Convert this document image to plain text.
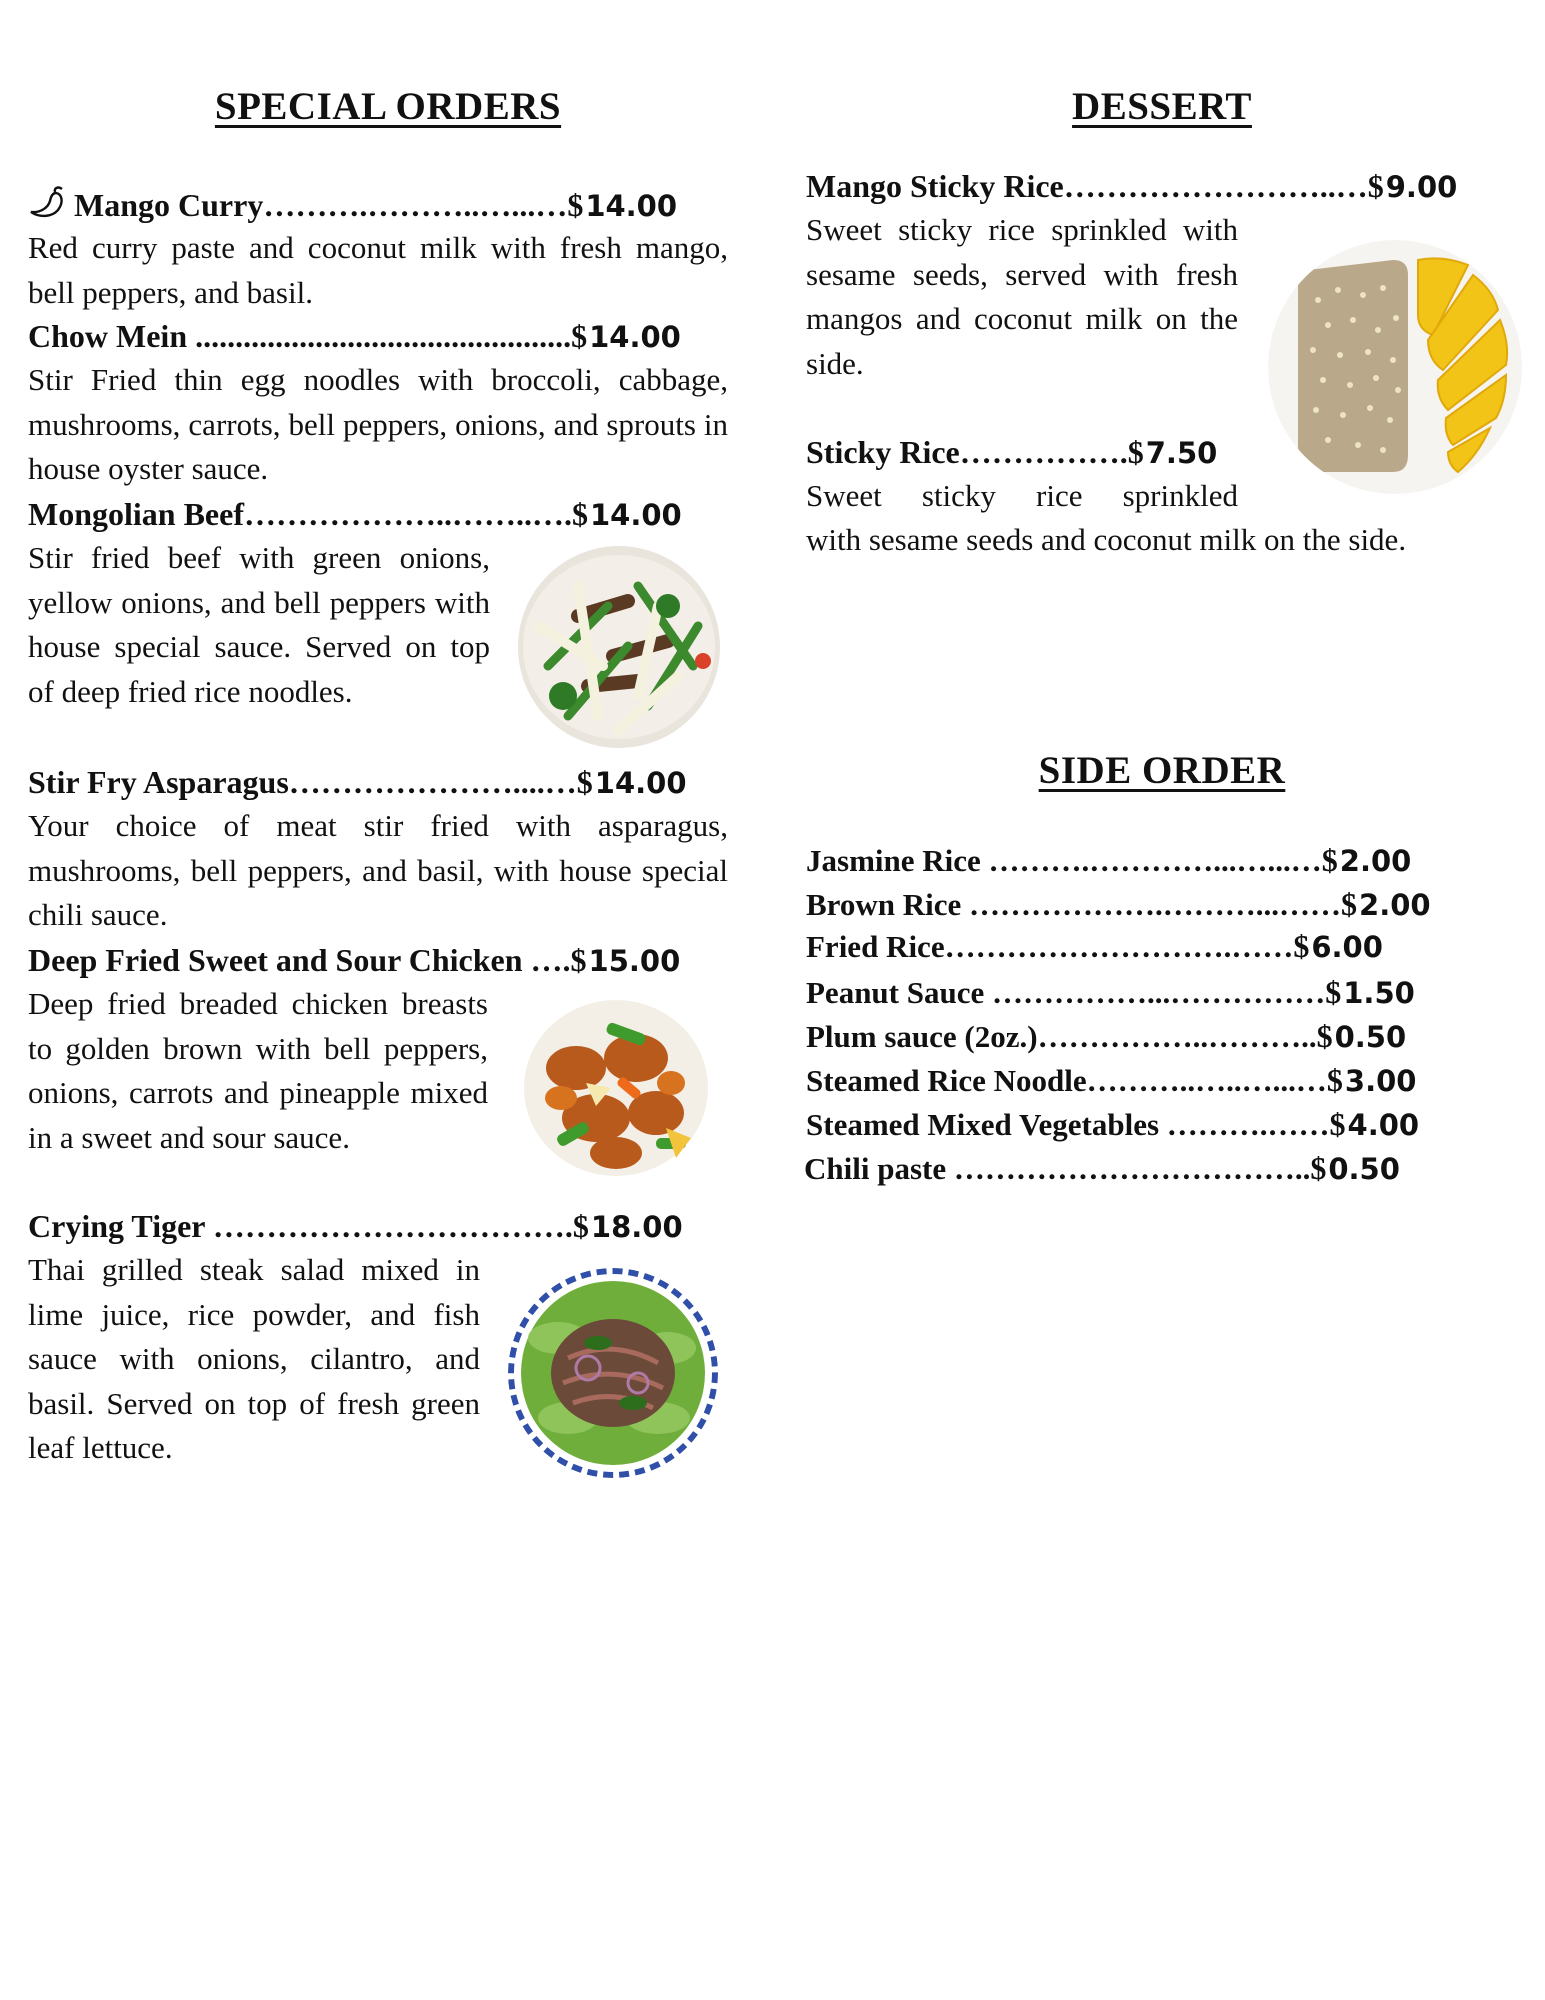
SPECIAL ORDERS
Mango Curry……….………..…...…$14.00
Red curry paste and coconut milk with fresh mango, bell peppers, and basil.
Chow Mein ...............................................$14.00
Stir Fried thin egg noodles with broccoli, cabbage, mushrooms, carrots, bell peppers, onions, and sprouts in house oyster sauce.
Mongolian Beef………………..……..….$14.00
Stir fried beef with green onions, yellow onions, and bell peppers with house special sauce. Served on top of deep fried rice noodles.
Stir Fry Asparagus…………………....…$14.00
Your choice of meat stir fried with asparagus, mushrooms, bell peppers, and basil, with house special chili sauce.
Deep Fried Sweet and Sour Chicken ….$15.00
Deep fried breaded chicken breasts to golden brown with bell peppers, onions, carrots and pineapple mixed in a sweet and sour sauce.
Crying Tiger …………………………….$18.00
Thai grilled steak salad mixed in lime juice, rice powder, and fish sauce with onions, cilantro, and basil. Served on top of fresh green leaf lettuce.
DESSERT
Mango Sticky Rice……………………..…$9.00
Sweet sticky rice sprinkled with sesame seeds, served with fresh mangos and coconut milk on the side.
Sticky Rice…………….$7.50
Sweet sticky rice sprinkled
with sesame seeds and coconut milk on the side.
SIDE ORDER
Jasmine Rice ……….…………...…...…$2.00
Brown Rice ……………….………...……$2.00
Fried Rice……………………….……$6.00
Peanut Sauce ……………...……………$1.50
Plum sauce (2oz.)……………..………..$0.50
Steamed Rice Noodle………..…..…...…$3.00
Steamed Mixed Vegetables ……….……$4.00
Chili paste ……………………………..$0.50
